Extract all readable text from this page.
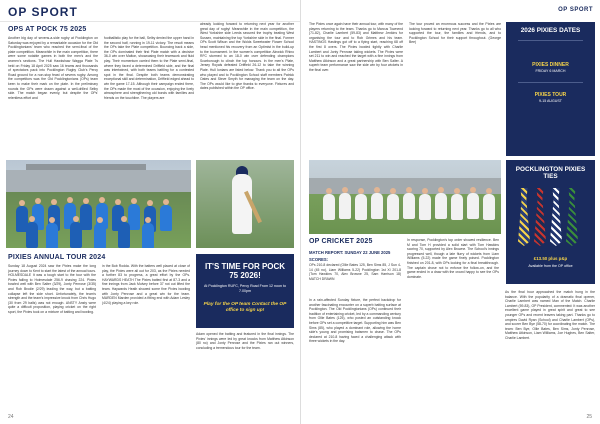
OP SPORT
OPS AT POCK 75 2025
Another big day of sevens-a-side rugby at Pocklington on Saturday was enjoyed by a remarkable occasion for the Old Pocklingtonians' team who reached the semi-final of the plate competition. Meanwhile in the main competition, there were some notable games in both the men's and the women's sections. The Hull Hawkshaw Wagga Plate 7s held on Friday 18 April 2025 saw 16 teams and thousands of spectators pack into Pocklington Rugby Club's Percy Road ground for a non-stop feast of sevens rugby. Among the competitors was the Old Pocklingtonians (OPs) team keen to make their mark on the plate. In the preliminary rounds the OPs were drawn against a well-drilled Selby side. The match began evenly, but despite the OPs' relentless effort and
footballistic play for the ball, Selby denied the upper hand in the second half, running in 19-11 victory. The result means the OPs take the Plate competition. Bouncing back a side, the OPs dominated their first Plate match with a decisive 36-0 win over Malton, showcasing their teamwork and fluid play. Their momentum carried them to the Plate semi-final, where they faced a determined Driffield side, and the final was intertwined, with both teams battling for a contested spot in the final. Despite both teams demonstrating exceptional skill and determination, Driffield edged ahead to win the game 17-15. Although their campaign ended there, the OPs made the most of the occasion, enjoying the lively atmosphere and strengthening old bonds with families and friends on the touchline. The players are
already looking forward to returning next year for another great day of rugby! Meanwhile in the main competition, the West Yorkshire side Leeds secured the trophy beating West Sussex, maintaining the top Yorkshire side in the final. Former OPs Scott Wilson and the Wolds Sweetwater Flower School head mentioned his recovery from an Optimist in the build-up to the tournament. In the women's competition Alnwick Rhino RFC stormed to an 18-0 win over defending champions Scarborough to clinch the top honours. In the men's Plate, Jersey Royals defeated Driffield 26-12 to take the winning Plate. Hull Ionians are listed below. Thank you to all the OPs who played and to Pocklington School staff members Patrick Oates and Steve Smyth for managing the team on the day. The OPs would like to give thanks to everyone. Fixtures and dates published within the OP office.
IT'S TIME FOR POCK 75 2026!
At Pocklington RUFC, Percy Road From 12 noon to 7.00pm
Play for the OP team Contact the OP office to sign up!
PIXIES ANNUAL TOUR 2024
Sunday 18 August 2024 saw the Pixies make the long journey down to Kent to start the latest of the annual tours. HOLMESDALE It was a tough start to the tour with the Pixies falling to Holmesdale 256-9 chasing 224. Pixies bowled well with Ben Salter (3/29), Jonty Penrose (3/35) and Rob Brodie (2/29) leading the way, but a batting collapse left the side short. Unfortunately, the team's strength and the team's impressive knock from Chris Hugo (30 from 29 balls) was not enough. ANSTY Ansty were quite a difficult proposition, playing cricket on the right sport, the Pixies took on a mixture of batting and bowling.
in the Bob Rodda. With the batters well placed at close of play, the Pixies were all out for 203, as the Pixies needed a further 83 to progress, a great effort by the OPs. HAYWARDS HEATH The Pixies batted first at 87-3 and a fine innings from Jack Mulvey before 37 not out lifted the team. Haywards Heath showed some fine Pixies bowling with Jonty Penrose and a great win for the team. MARDEN Marden provided a fitting end with Adam Lesley (4/24) playing a key role.
Adam opened the batting and featured in the final innings. The Pixies' innings were led by great knocks from Matthew Atkinson (80 no) and Jonty Penrose and the Pixies ran out winners, concluding a tremendous tour for the team.
24
OP SPORT
The Pixies once again have their annual tour, with many of the players returning to the team. Thanks go to Marcus Townend (71-82), Charlie Lambert (59-83) and Matthew Jenkins for organising the tour and to Rob Grimes and his team. HASTINGS Hastings got off to a flying start, reaching 68 off the first 8 overs. The Pixies bowled tightly with Charlie Lambert and Jonty Penrose taking wickets. The Pixies were set 211 to win and reached the target with a fine innings from Matthew Atkinson and a great partnership with Ben Salter. A superb team performance saw the side win by four wickets in the final over.
The tour proved an enormous success and the Pixies are looking forward to returning next year. Thanks go to all who supported the tour, the families and friends, and to Pocklington School for their support throughout. (George Bee)
2026 PIXIES DATES
PIXIES DINNER
FRIDAY 6 MARCH
PIXIES TOUR
9-15 AUGUST
POCKLINGTON PIXIES TIES
£13.50 plus p&p
Available from the OP office
OP CRICKET 2025
MATCH REPORT: SUNDAY 22 JUNE 2025
SCORES:
OPs 210-8 declared (Ollie Bates 125, Ben Sims 85, J Sun 4-14 (45 no), Liam Williams 5-22) Pocklington 1st XI 201-8 (Tom Hawkins 70, Alex Browne 25, Sam Harrison 18) MATCH DRAWN
In a rain-affected Sunday fixture, the perfect backdrop for another fascinating encounter on a superb batting surface at Pocklington. The Old Pocklingtonians (OPs) continued their tradition of entertaining cricket, led by a commanding century from Ollie Bates (125), who posted an outstanding knock before OPs set a competitive target. Supporting him was Ben Sims (85), who played a dominant role, allowing the home side's young and promising batsmen to chase. The OPs declared at 210-8 having faced a challenging attack with three wickets in the day.
In response, Pocklington's top order showed resilience. Ben M and Tom H provided a solid start with Tom Hawkins scoring 70, supported by Alex Browne. The School's innings progressed well, though a late flurry of wickets from Liam Williams (5-22) made the game finely poised. Pocklington finished on 201-8, with OPs looking for a final breakthrough. The captain chose not to enforce the follow-on, and the game ended in a draw with the crowd happy to see the OPs dominate.
As the final hour approached the match hung in the balance. With the popularity of a dramatic final opener, Charlie Lambert was named Man of the Match. Charlie Lambert (59-83), OP President, commented: It was another excellent game played in great spirit and great to see younger OPs and recent leavers taking part. Thanks go to umpires David Ryan (School) and Charlie Lambert (OPs), and scorer Ben Bye (58-70) for coordinating the match. The team: Ben Bye, Ollie Bates, Ben Sims, Jonty Penrose, Matthew Atkinson, Liam Williams, Joe Hughes, Ben Salter, Charlie Lambert.
25
